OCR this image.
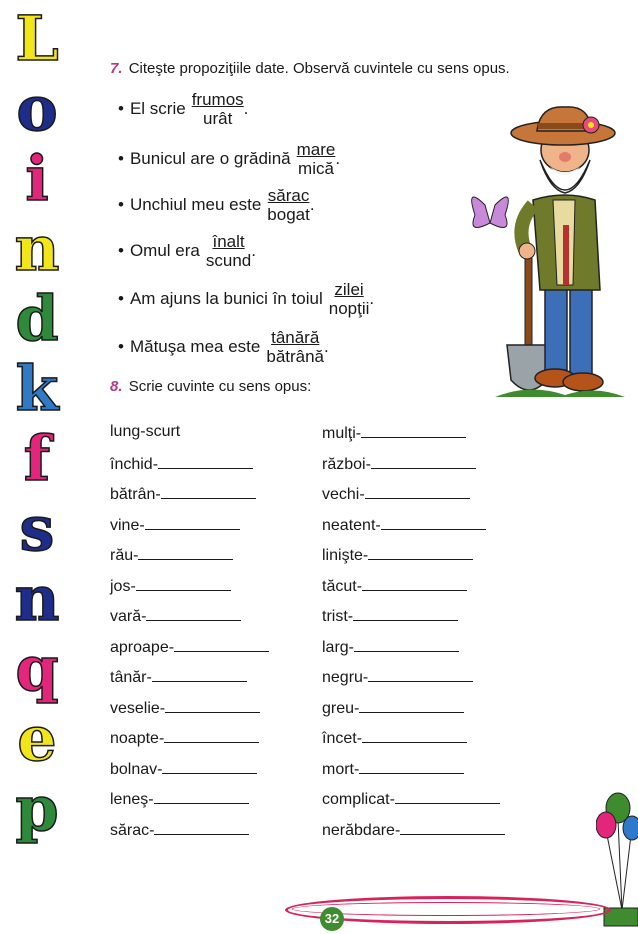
L
o
i
n
d
k
f
s
n
q
e
p
7. Citeşte propoziţiile date. Observă cuvintele cu sens opus.
• El scrie $\frac{\text{frumos}}{\text{urât}}$ .
• Bunicul are o grădină $\frac{\text{mare}}{\text{mică}}$ .
• Unchiul meu este $\frac{\text{sărac}}{\text{bogat}}$ .
• Omul era $\frac{\text{înalt}}{\text{scund}}$ .
• Am ajuns la bunici în toiul $\frac{\text{zilei}}{\text{nopţii}}$ .
• Mătuşa mea este $\frac{\text{tânără}}{\text{bătrână}}$ .
8. Scrie cuvinte cu sens opus:
lung-scurt
închid-
bătrân-
vine-
rău-
jos-
vară-
aproape-
tânăr-
veselie-
noapte-
bolnav-
leneş-
sărac-
mulţi-
război-
vechi-
neatent-
linişte-
tăcut-
trist-
larg-
negru-
greu-
încet-
mort-
complicat-
nerăbdare-
32
